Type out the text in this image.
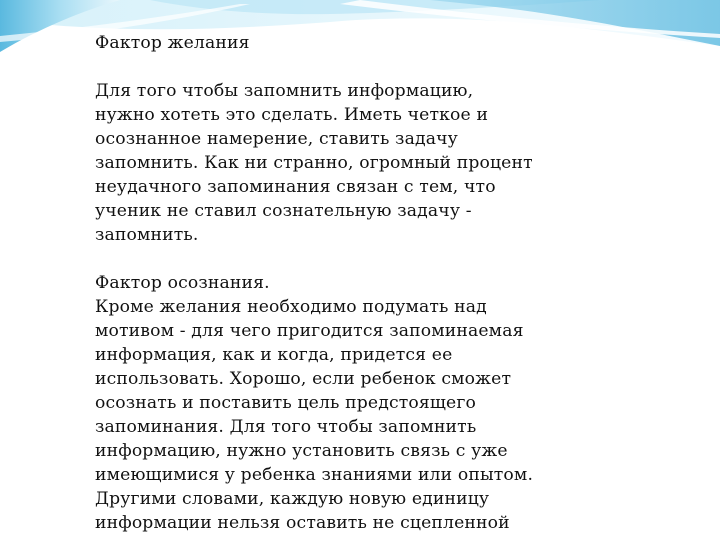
Фактор желания
Для того чтобы запомнить информацию,
нужно хотеть это сделать. Иметь четкое и
осознанное намерение, ставить задачу
запомнить. Как ни странно, огромный процент
неудачного запоминания связан с тем, что
ученик не ставил сознательную задачу -
запомнить.
Фактор осознания.
Кроме желания необходимо подумать над
мотивом - для чего пригодится запоминаемая
информация, как и когда, придется ее
использовать. Хорошо, если ребенок сможет
осознать и поставить цель предстоящего
запоминания. Для того чтобы запомнить
информацию, нужно установить связь с уже
имеющимися у ребенка знаниями или опытом.
Другими словами, каждую новую единицу
информации нельзя оставить не сцепленной
